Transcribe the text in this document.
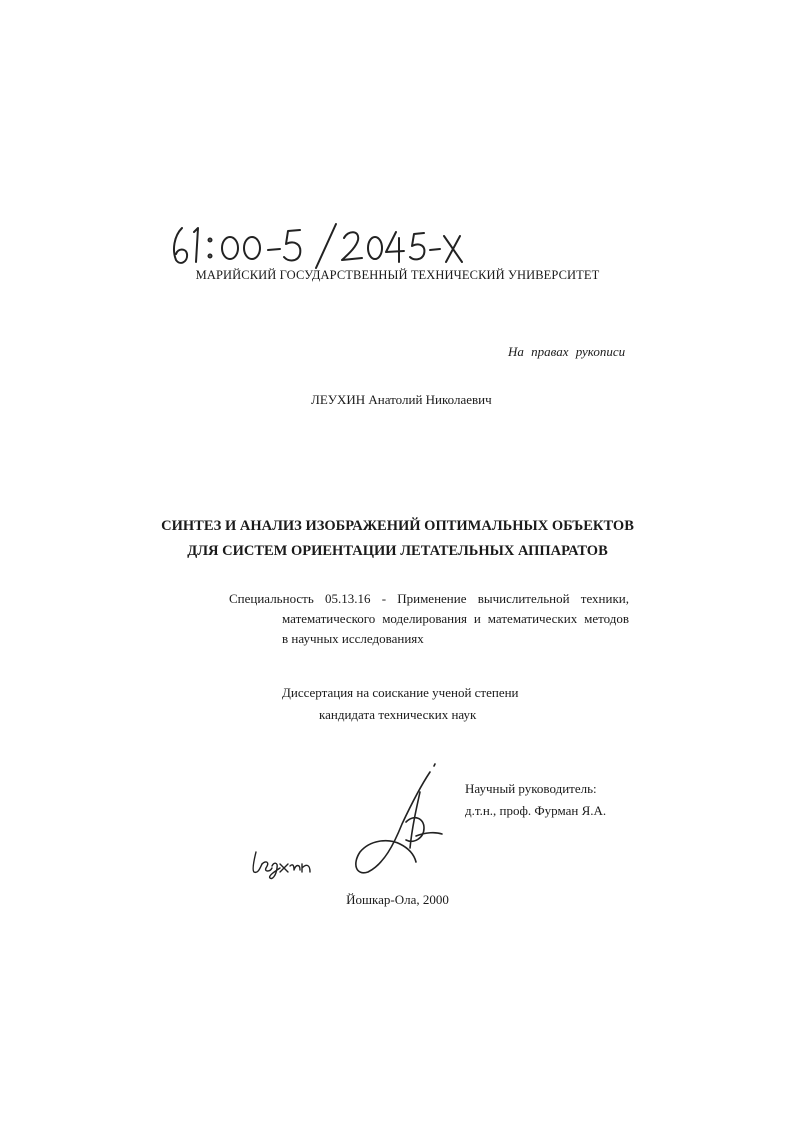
МАРИЙСКИЙ ГОСУДАРСТВЕННЫЙ ТЕХНИЧЕСКИЙ УНИВЕРСИТЕТ
На правах рукописи
ЛЕУХИН Анатолий Николаевич
СИНТЕЗ И АНАЛИЗ ИЗОБРАЖЕНИЙ ОПТИМАЛЬНЫХ ОБЪЕКТОВ
ДЛЯ СИСТЕМ ОРИЕНТАЦИИ ЛЕТАТЕЛЬНЫХ АППАРАТОВ
Специальность 05.13.16 - Применение вычислительной техники,
математического моделирования и математических методов
в научных исследованиях
Диссертация на соискание ученой степени
кандидата технических наук
Научный руководитель:
д.т.н., проф. Фурман Я.А.
Йошкар-Ола, 2000
